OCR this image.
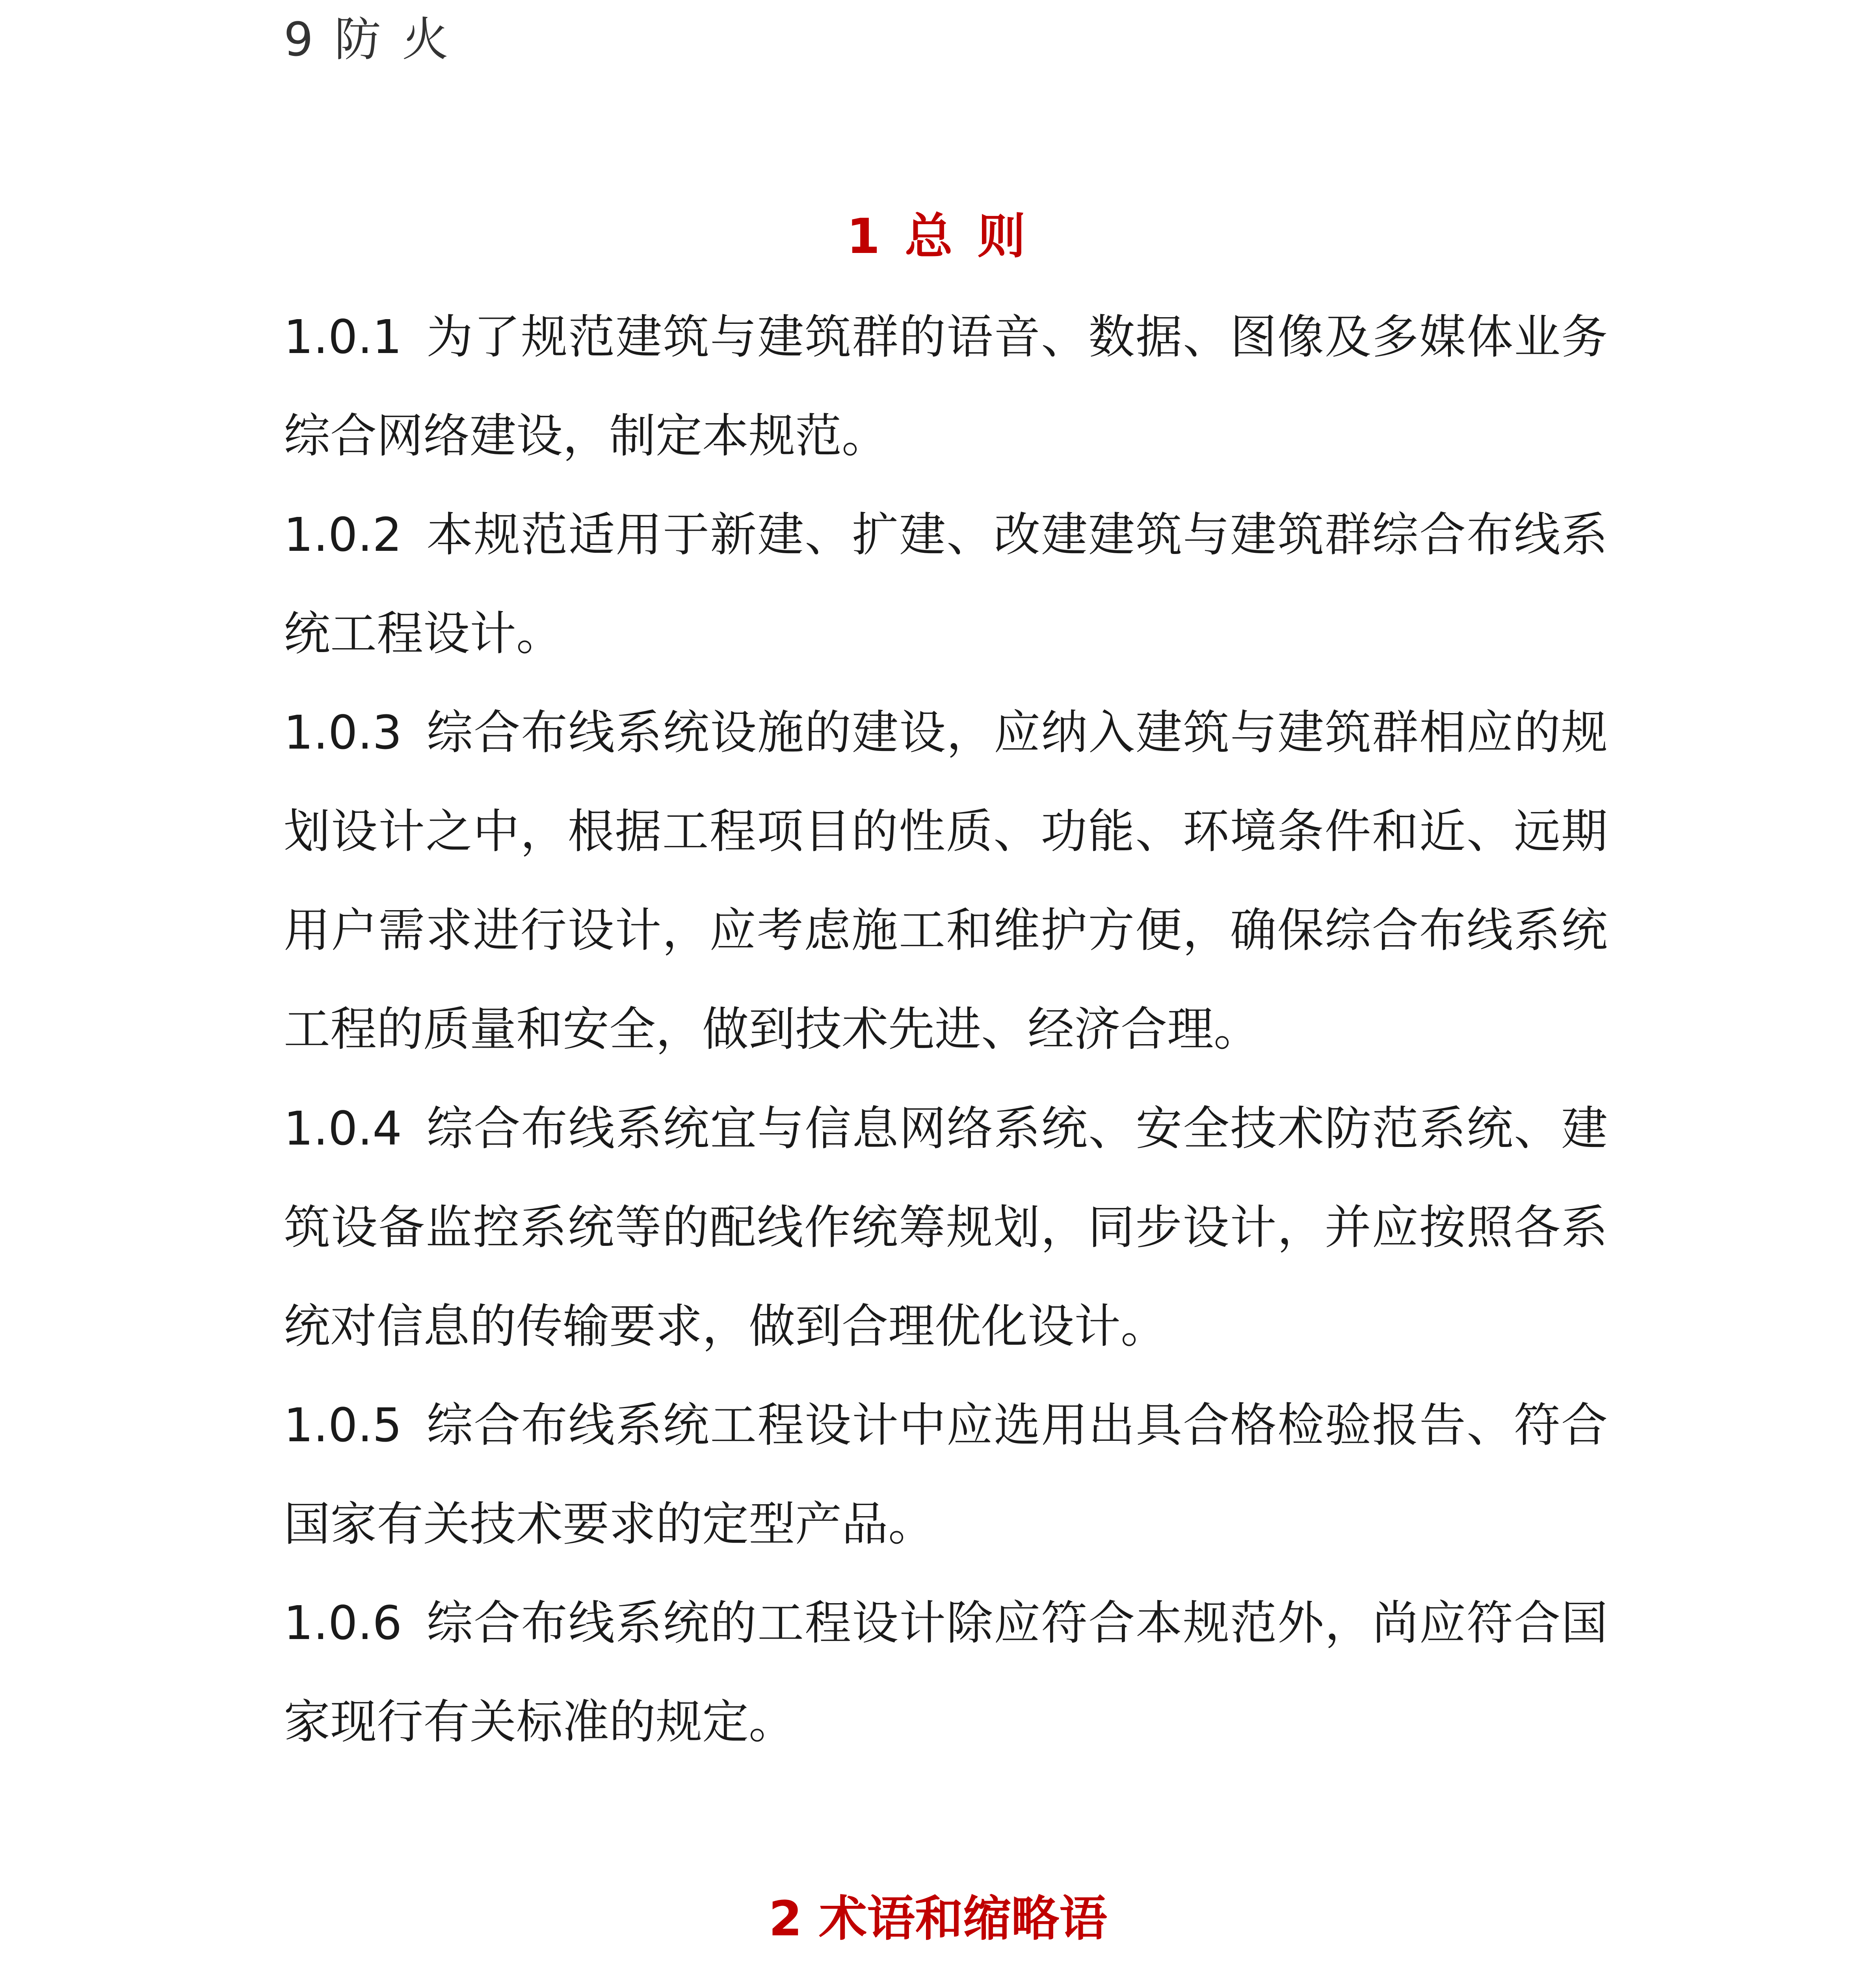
9 防 火
1 总 则
1.0.1 为了规范建筑与建筑群的语音、数据、图像及多媒体业务综合网络建设，制定本规范。
1.0.2 本规范适用于新建、扩建、改建建筑与建筑群综合布线系统工程设计。
1.0.3 综合布线系统设施的建设，应纳入建筑与建筑群相应的规划设计之中，根据工程项目的性质、功能、环境条件和近、远期用户需求进行设计，应考虑施工和维护方便，确保综合布线系统工程的质量和安全，做到技术先进、经济合理。
1.0.4 综合布线系统宜与信息网络系统、安全技术防范系统、建筑设备监控系统等的配线作统筹规划，同步设计，并应按照各系统对信息的传输要求，做到合理优化设计。
1.0.5 综合布线系统工程设计中应选用出具合格检验报告、符合国家有关技术要求的定型产品。
1.0.6 综合布线系统的工程设计除应符合本规范外，尚应符合国家现行有关标准的规定。
2 术语和缩略语
